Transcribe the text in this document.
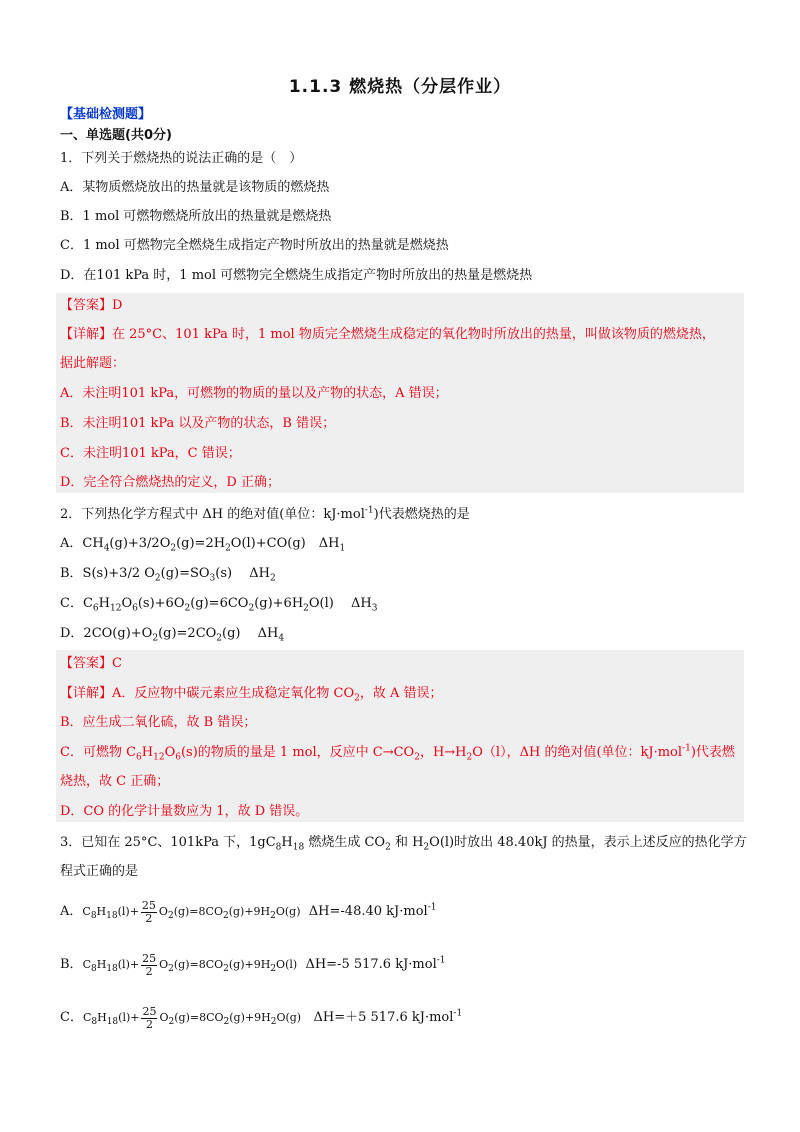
1.1.3 燃烧热（分层作业）
【基础检测题】
一、单选题(共0分)
1．下列关于燃烧热的说法正确的是（　）
A．某物质燃烧放出的热量就是该物质的燃烧热
B．1 mol 可燃物燃烧所放出的热量就是燃烧热
C．1 mol 可燃物完全燃烧生成指定产物时所放出的热量就是燃烧热
D．在101 kPa 时，1 mol 可燃物完全燃烧生成指定产物时所放出的热量是燃烧热
【答案】D
【详解】在 25°C、101 kPa 时，1 mol 物质完全燃烧生成稳定的氧化物时所放出的热量，叫做该物质的燃烧热，
据此解题：
A．未注明101 kPa，可燃物的物质的量以及产物的状态，A 错误；
B．未注明101 kPa 以及产物的状态，B 错误；
C．未注明101 kPa，C 错误；
D．完全符合燃烧热的定义，D 正确；
2．下列热化学方程式中 ΔH 的绝对值(单位：kJ·mol$^{-1}$)代表燃烧热的是
A．$CH_4(g)+3/2O_2(g)=2H_2O(l)+CO(g)$　$\Delta H_1$
B．S(s)+3/2 $O_2(g)=SO_3(s)$　 $\Delta H_2$
C．$C_6H_{12}O_6(s)+6O_2(g)=6CO_2(g)+6H_2O(l)$　 $\Delta H_3$
D．$2CO(g)+O_2(g)=2CO_2(g)$　 $\Delta H_4$
【答案】C
【详解】A．反应物中碳元素应生成稳定氧化物 $CO_2$，故 A 错误；
B．应生成二氧化硫，故 B 错误；
C．可燃物 $C_6H_{12}O_6(s)$的物质的量是 1 mol，反应中 $C\to CO_2$，$H\to H_2O(l)$，ΔH 的绝对值(单位：kJ·mol$^{-1}$)代表燃
烧热，故 C 正确；
D．CO 的化学计量数应为 1，故 D 错误。
3．已知在 25°C、101kPa 下，$1gC_8H_{18}$ 燃烧生成 $CO_2$ 和 $H_2O(l)$时放出 48.40kJ 的热量，表示上述反应的热化学方
程式正确的是
A．$C_8H_{18}(l)+ \frac{25}{2} O_2(g)=8CO_2(g)+9H_2O(g)$ ΔH=-48.40 kJ·mol$^{-1}$
B．$C_8H_{18}(l)+ \frac{25}{2} O_2(g)=8CO_2(g)+9H_2O(l)$ ΔH=-5 517.6 kJ·mol$^{-1}$
C．$C_8H_{18}(l)+ \frac{25}{2} O_2(g)=8CO_2(g)+9H_2O(g)$ ΔH=＋5 517.6 kJ·mol$^{-1}$
